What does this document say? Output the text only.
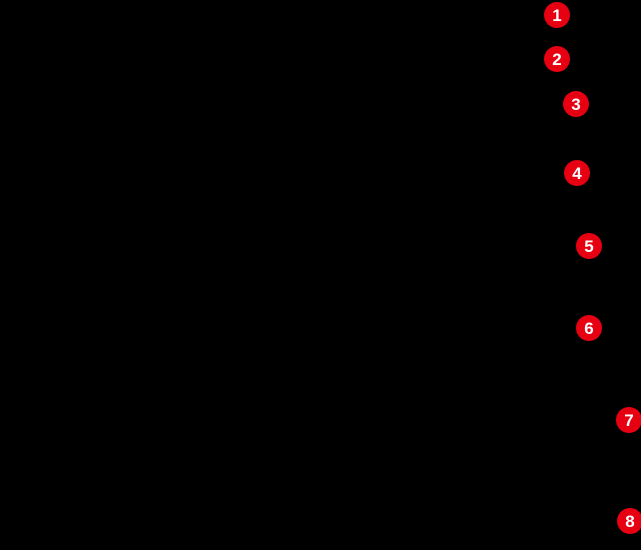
1
2
3
4
5
6
7
8
